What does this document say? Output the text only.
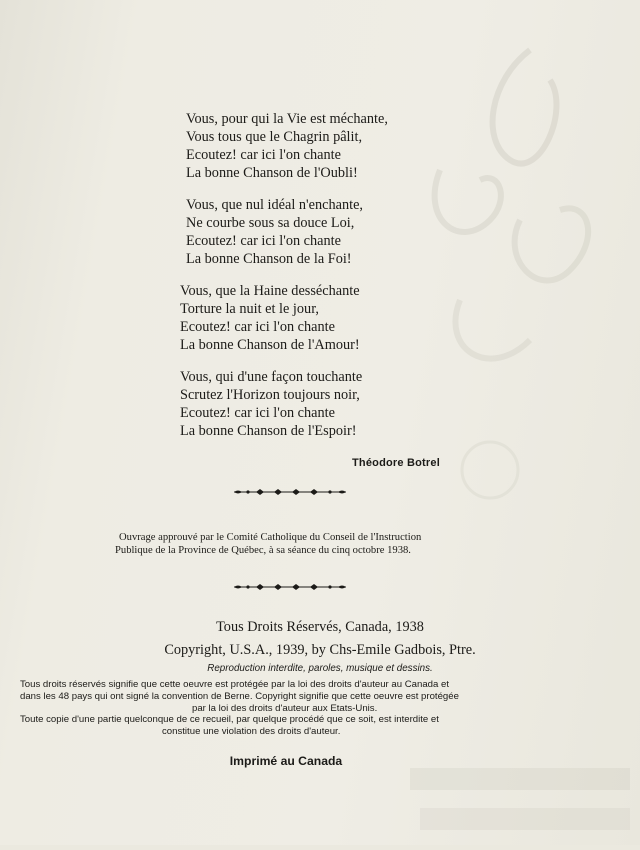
Vous, pour qui la Vie est méchante,
Vous tous que le Chagrin pâlit,
Ecoutez! car ici l'on chante
La bonne Chanson de l'Oubli!
Vous, que nul idéal n'enchante,
Ne courbe sous sa douce Loi,
Ecoutez! car ici l'on chante
La bonne Chanson de la Foi!
Vous, que la Haine desséchante
Torture la nuit et le jour,
Ecoutez! car ici l'on chante
La bonne Chanson de l'Amour!
Vous, qui d'une façon touchante
Scrutez l'Horizon toujours noir,
Ecoutez! car ici l'on chante
La bonne Chanson de l'Espoir!
Théodore Botrel
Ouvrage approuvé par le Comité Catholique du Conseil de l'Instruction
Publique de la Province de Québec, à sa séance du cinq octobre 1938.
Tous Droits Réservés, Canada, 1938
Copyright, U.S.A., 1939, by Chs-Emile Gadbois, Ptre.
Reproduction interdite, paroles, musique et dessins.

Tous droits réservés signifie que cette oeuvre est protégée par la loi des droits d'auteur au Canada et

dans les 48 pays qui ont signé la convention de Berne. Copyright signifie que cette oeuvre est protégée

par la loi des droits d'auteur aux Etats-Unis.

Toute copie d'une partie quelconque de ce recueil, par quelque procédé que ce soit, est interdite et

constitue une violation des droits d'auteur.

Imprimé au Canada
